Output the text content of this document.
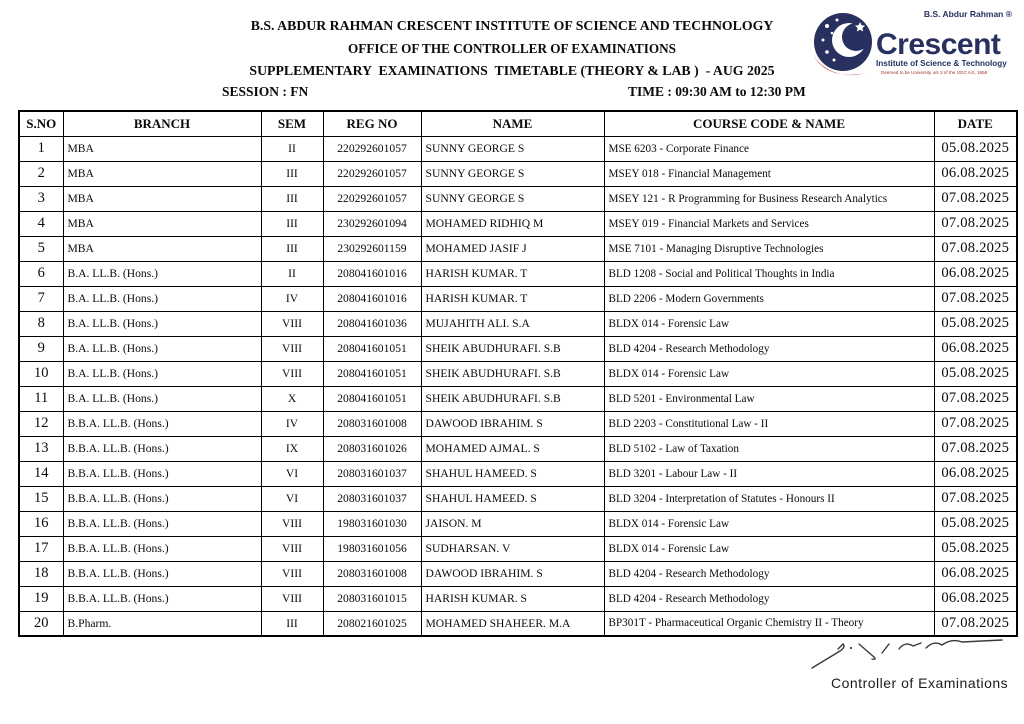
B.S. Abdur Rahman ®
Crescent
Institute of Science & Technology
Deemed to be University u/s 3 of the UGC Act, 1956
B.S. ABDUR RAHMAN CRESCENT INSTITUTE OF SCIENCE AND TECHNOLOGY
OFFICE OF THE CONTROLLER OF EXAMINATIONS
SUPPLEMENTARY  EXAMINATIONS  TIMETABLE (THEORY & LAB )  - AUG 2025
SESSION : FN	TIME : 09:30 AM to 12:30 PM
S.NO	BRANCH	SEM	REG NO	NAME	COURSE CODE & NAME	DATE
1	MBA	II	220292601057	SUNNY GEORGE S	MSE 6203 - Corporate Finance	05.08.2025
2	MBA	III	220292601057	SUNNY GEORGE S	MSEY 018 - Financial Management	06.08.2025
3	MBA	III	220292601057	SUNNY GEORGE S	MSEY 121 - R Programming for Business Research Analytics	07.08.2025
4	MBA	III	230292601094	MOHAMED RIDHIQ M	MSEY 019 - Financial Markets and Services	07.08.2025
5	MBA	III	230292601159	MOHAMED JASIF J	MSE 7101 - Managing Disruptive Technologies	07.08.2025
6	B.A. LL.B. (Hons.)	II	208041601016	HARISH KUMAR. T	BLD 1208 - Social and Political Thoughts in India	06.08.2025
7	B.A. LL.B. (Hons.)	IV	208041601016	HARISH KUMAR. T	BLD 2206 - Modern Governments	07.08.2025
8	B.A. LL.B. (Hons.)	VIII	208041601036	MUJAHITH ALI. S.A	BLDX 014 - Forensic Law	05.08.2025
9	B.A. LL.B. (Hons.)	VIII	208041601051	SHEIK ABUDHURAFI. S.B	BLD 4204 - Research Methodology	06.08.2025
10	B.A. LL.B. (Hons.)	VIII	208041601051	SHEIK ABUDHURAFI. S.B	BLDX 014 - Forensic Law	05.08.2025
11	B.A. LL.B. (Hons.)	X	208041601051	SHEIK ABUDHURAFI. S.B	BLD 5201 - Environmental Law	07.08.2025
12	B.B.A. LL.B. (Hons.)	IV	208031601008	DAWOOD IBRAHIM. S	BLD 2203 - Constitutional Law - II	07.08.2025
13	B.B.A. LL.B. (Hons.)	IX	208031601026	MOHAMED AJMAL. S	BLD 5102 - Law of Taxation	07.08.2025
14	B.B.A. LL.B. (Hons.)	VI	208031601037	SHAHUL HAMEED. S	BLD 3201 - Labour Law - II	06.08.2025
15	B.B.A. LL.B. (Hons.)	VI	208031601037	SHAHUL HAMEED. S	BLD 3204 - Interpretation of Statutes - Honours II	07.08.2025
16	B.B.A. LL.B. (Hons.)	VIII	198031601030	JAISON. M	BLDX 014 - Forensic Law	05.08.2025
17	B.B.A. LL.B. (Hons.)	VIII	198031601056	SUDHARSAN. V	BLDX 014 - Forensic Law	05.08.2025
18	B.B.A. LL.B. (Hons.)	VIII	208031601008	DAWOOD IBRAHIM. S	BLD 4204 - Research Methodology	06.08.2025
19	B.B.A. LL.B. (Hons.)	VIII	208031601015	HARISH KUMAR. S	BLD 4204 - Research Methodology	06.08.2025
20	B.Pharm.	III	208021601025	MOHAMED SHAHEER. M.A	BP301T - Pharmaceutical Organic Chemistry II - Theory	07.08.2025
Controller of Examinations
